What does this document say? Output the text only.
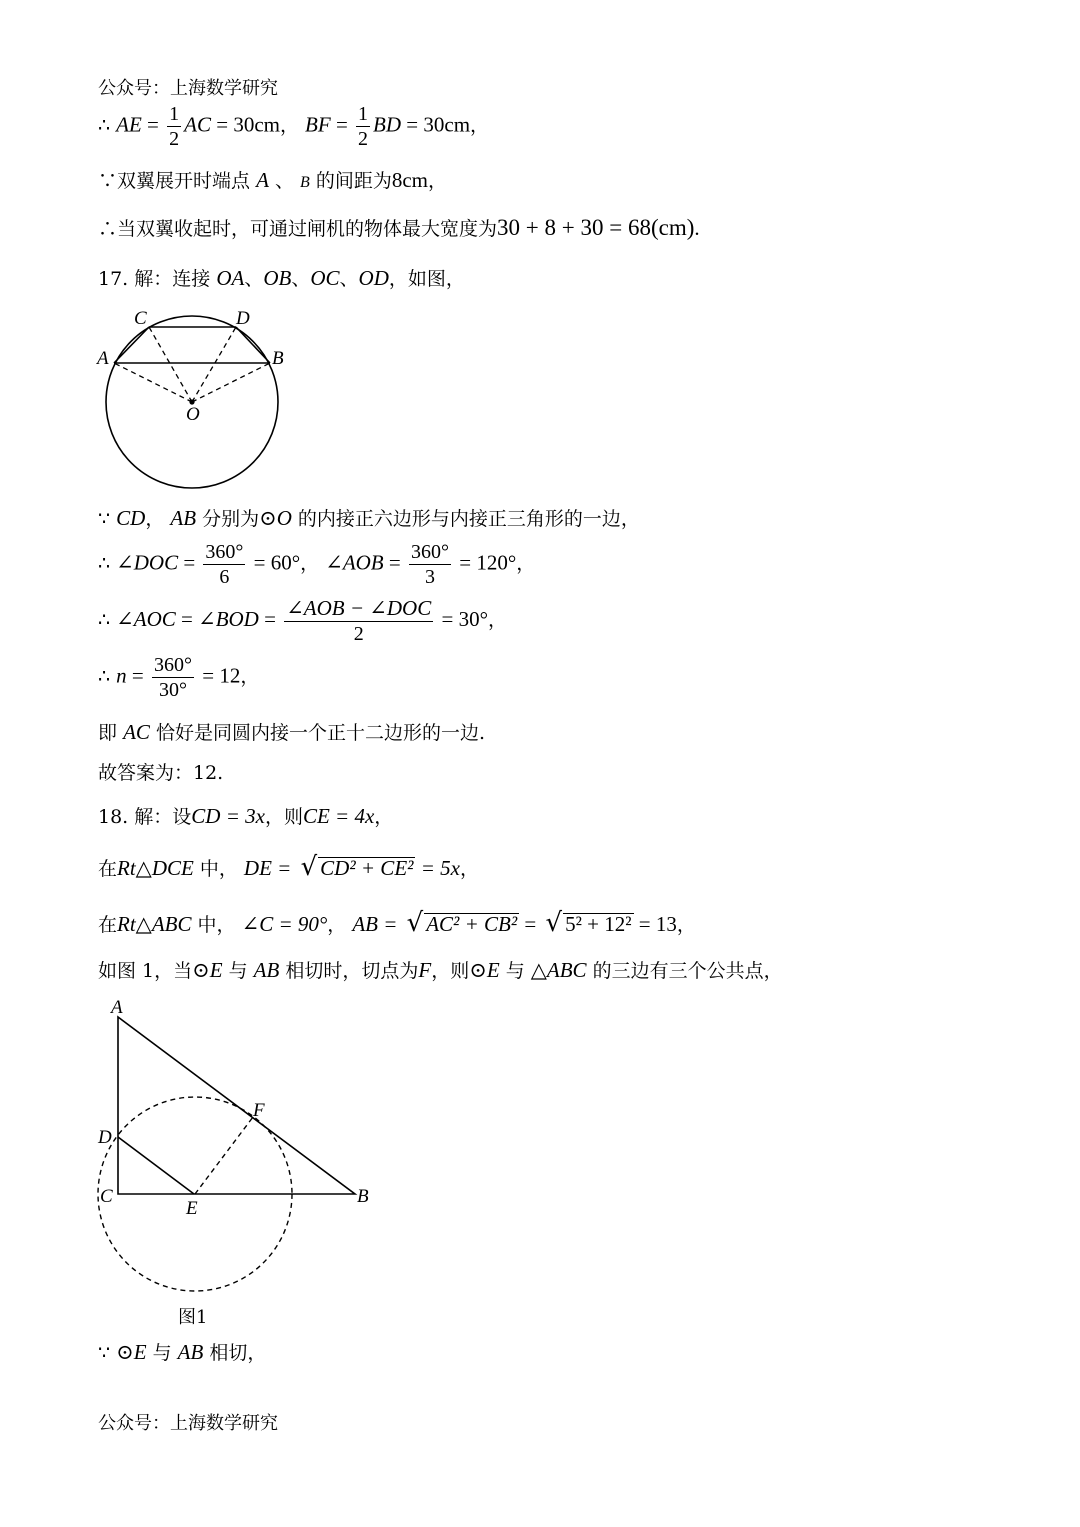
公众号：上海数学研究
∴ AE = $\frac{1}{2}$ AC = 30cm， BF = $\frac{1}{2}$ BD = 30cm，
∵双翼展开时端点 A 、 B 的间距为8cm，
∴当双翼收起时，可通过闸机的物体最大宽度为30 + 8 + 30 = 68(cm).
17. 解：连接 OA、OB、OC、OD，如图，
C	D
A	B
O
∵ CD， AB 分别为⊙O 的内接正六边形与内接正三角形的一边，
∴ ∠DOC = $\frac{360^\circ}{6} = 60^\circ$， ∠AOB = $\frac{360^\circ}{3} = 120^\circ$，
∴ ∠AOC = ∠BOD = $\frac{\text{∠AOB − ∠DOC}}{2} = 30^\circ$，
∴ $n = \frac{360^\circ}{30^\circ} = 12$，
即 AC 恰好是同圆内接一个正十二边形的一边.
故答案为：12.
18. 解：设CD = 3x，则CE = 4x，
在Rt△DCE 中， DE = √ CD² + CE² = 5x，
在Rt△ABC 中， ∠C = 90°， AB = √ AC² + CB² = √ 5² + 12² = 13，
如图 1，当⊙E 与 AB 相切时，切点为F，则⊙E 与 △ABC 的三边有三个公共点，
A
F
D
C
E
B
图1
∵ ⊙E 与 AB 相切，
公众号：上海数学研究
